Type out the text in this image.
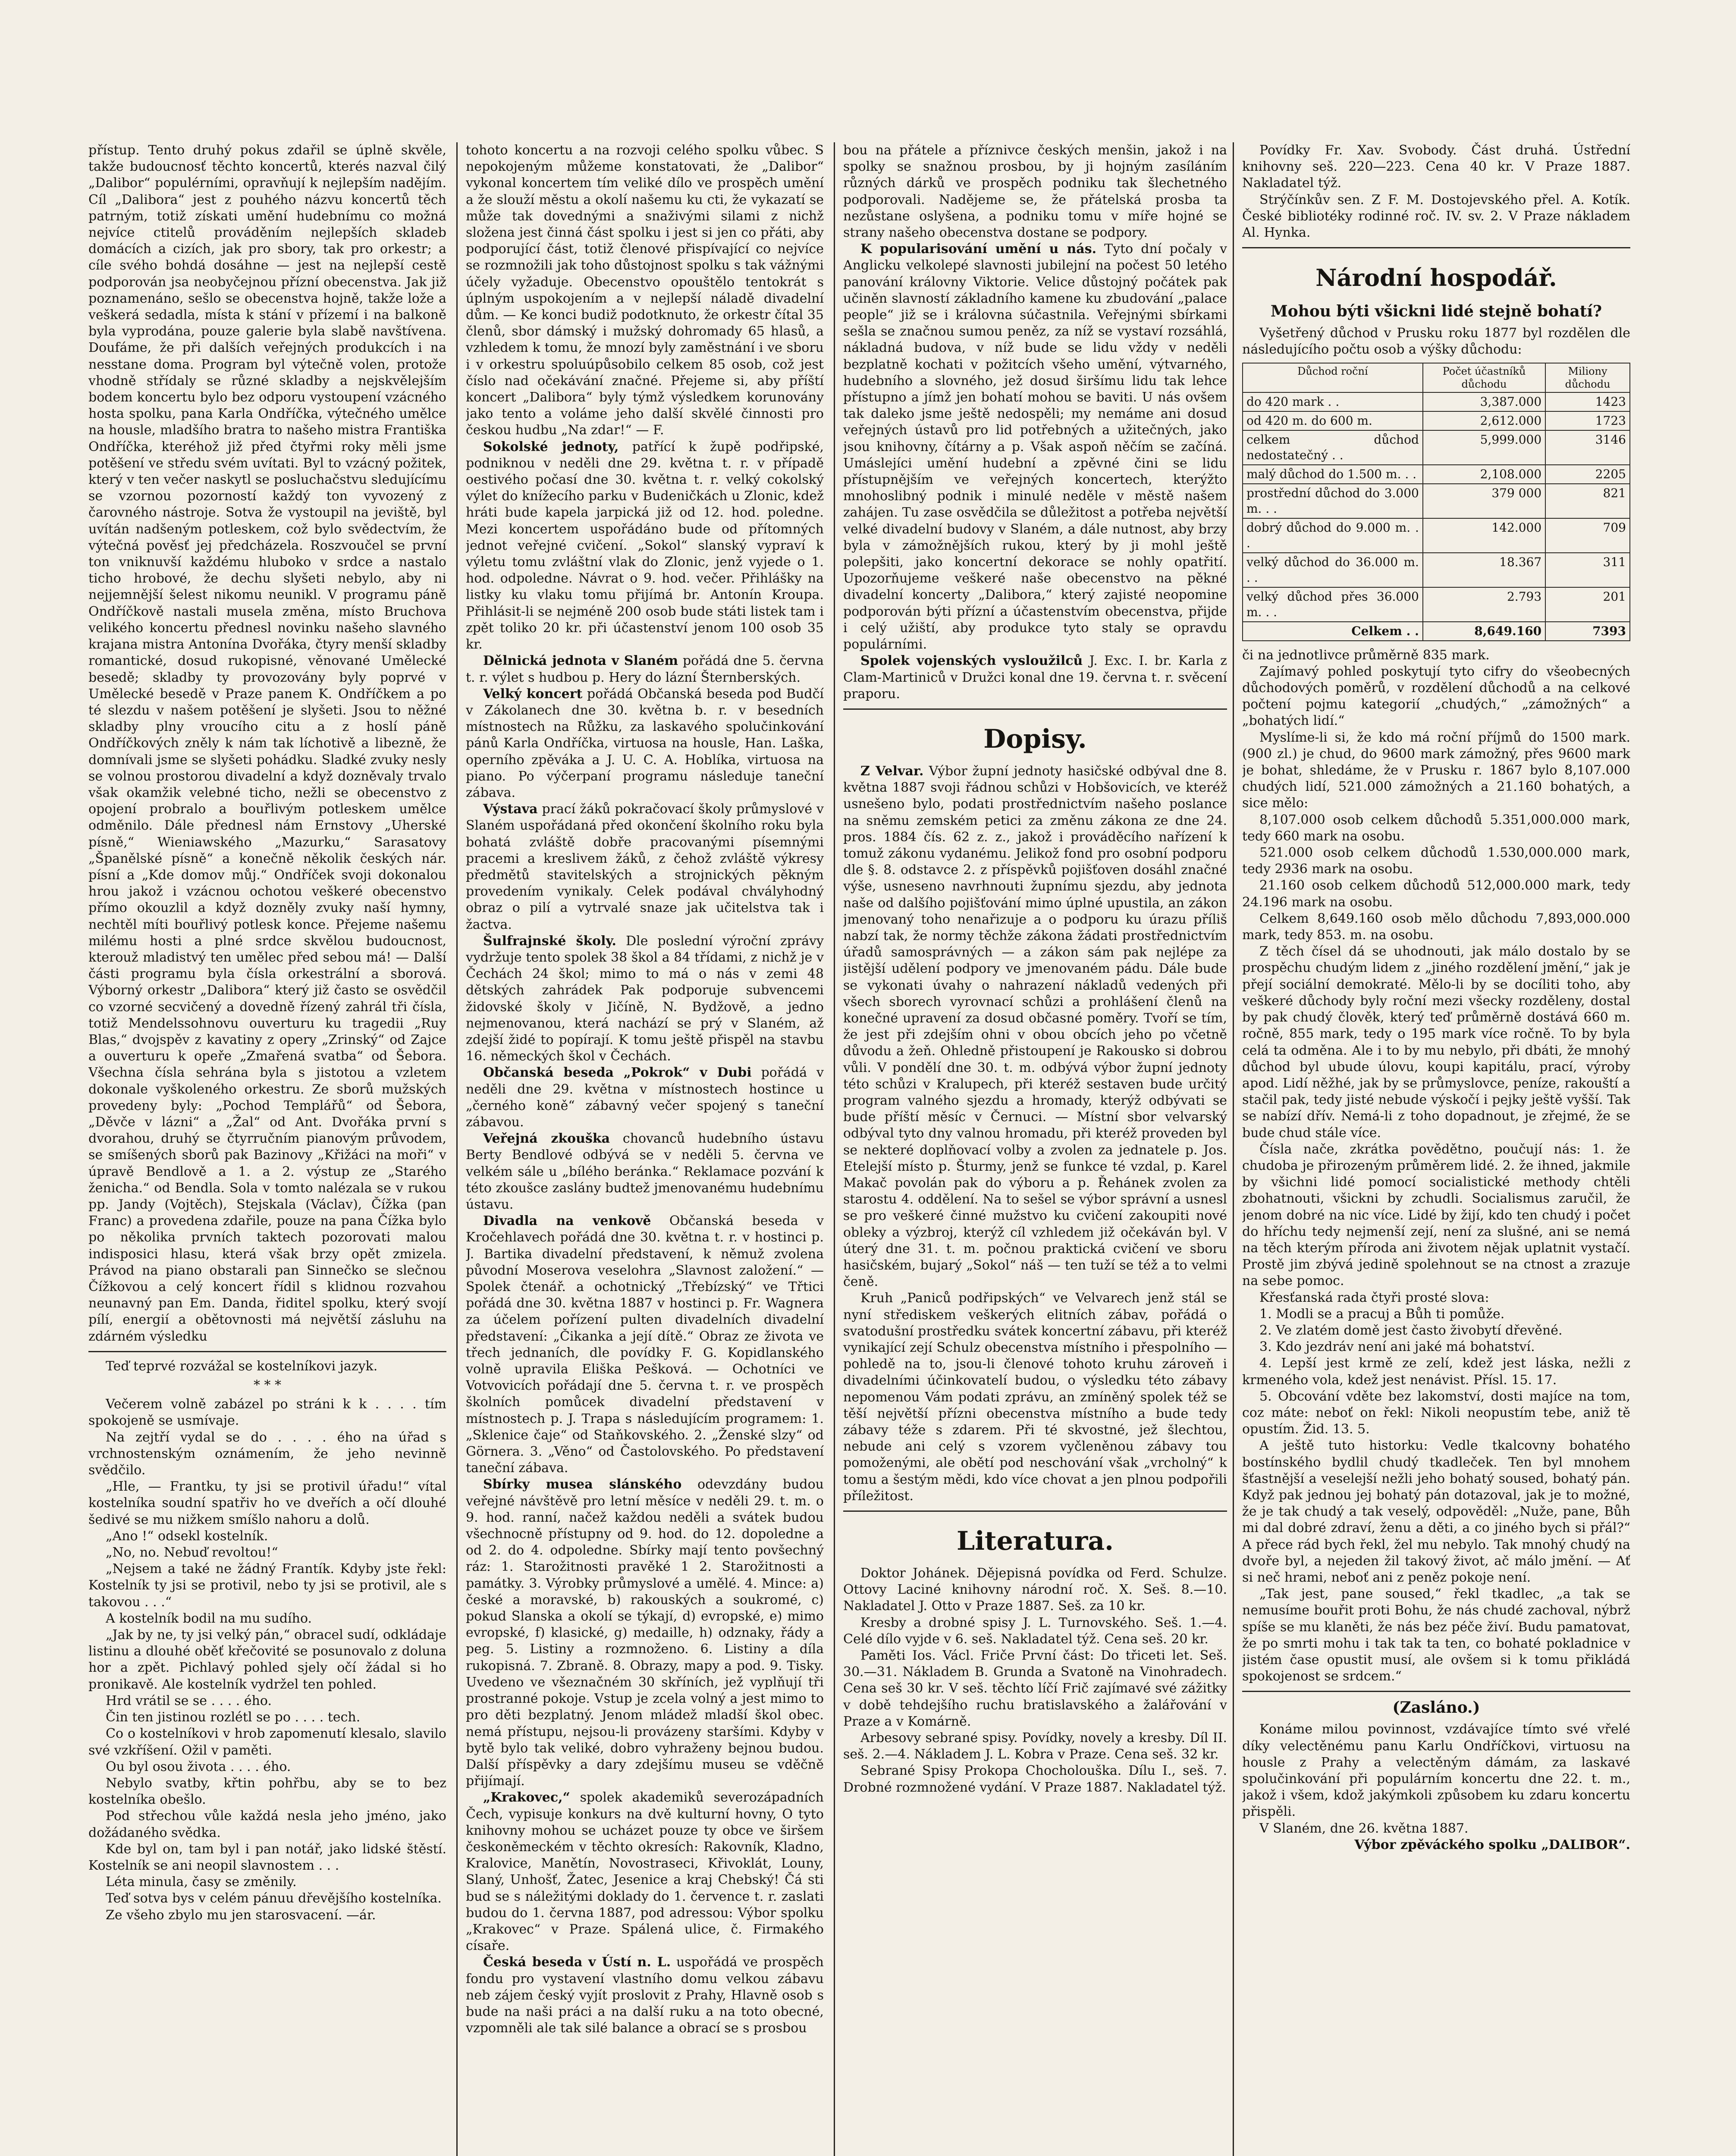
přístup. Tento druhý pokus zdařil se úplně skvěle, takže budoucnosť těchto koncertů, kterés nazval čilý „Dalibor“ populérními, opravňují k nejlepším nadějím. Cíl „Dalibora“ jest z pouhého názvu koncertů těch patrným, totiž získati umění hudebnímu co možná nejvíce ctitelů prováděním nejlepších skladeb domácích a cizích, jak pro sbory, tak pro orkestr; a cíle svého bohdá dosáhne — jest na nejlepší cestě podporován jsa neobyčejnou přízní obecenstva. Jak již poznamenáno, sešlo se obecenstva hojně, takže lože a veškerá sedadla, místa k stání v přízemí i na balkoně byla vyprodána, pouze galerie byla slabě navštívena. Doufáme, že při dalších veřejných produkcích i na nesstane doma. Program byl výtečně volen, protože vhodně střídaly se různé skladby a nejskvělejším bodem koncertu bylo bez odporu vystoupení vzácného hosta spolku, pana Karla Ondříčka, výtečného umělce na housle, mladšího bratra to našeho mistra Františka Ondříčka, kteréhož již před čtyřmi roky měli jsme potěšení ve středu svém uvítati. Byl to vzácný požitek, který v ten večer naskytl se posluchačstvu sledujícímu se vzornou pozorností každý ton vyvozený z čarovného nástroje. Sotva že vystoupil na jeviště, byl uvítán nadšeným potleskem, což bylo svědectvím, že výtečná pověsť jej předcházela. Roszvoučel se první ton vniknuvší každému hluboko v srdce a nastalo ticho hrobové, že dechu slyšeti nebylo, aby ni nejjemnější šelest nikomu neunikl. V programu páně Ondříčkově nastali musela změna, místo Bruchova velikého koncertu přednesl novinku našeho slavného krajana mistra Antonína Dvořáka, čtyry menší skladby romantické, dosud rukopisné, věnované Umělecké besedě; skladby ty provozovány byly poprvé v Umělecké besedě v Praze panem K. Ondříčkem a po té slezdu v našem potěšení je slyšeti. Jsou to něžné skladby plny vroucího citu a z hoslí páně Ondříčkových zněly k nám tak líchotivě a libezně, že domnívali jsme se slyšeti pohádku. Sladké zvuky nesly se volnou prostorou divadelní a když dozněvaly trvalo však okamžik velebné ticho, nežli se obecenstvo z opojení probralo a bouřlivým potleskem umělce odměnilo. Dále přednesl nám Ernstovy „Uherské písně,“ Wieniawského „Mazurku,“ Sarasatovy „Španělské písně“ a konečně několik českých nár. písní a „Kde domov můj.“ Ondříček svoji dokonalou hrou jakož i vzácnou ochotou veškeré obecenstvo přímo okouzlil a když dozněly zvuky naší hymny, nechtěl míti bouřlivý potlesk konce. Přejeme našemu milému hosti a plné srdce skvělou budoucnost, kterouž mladistvý ten umělec před sebou má! — Další části programu byla čísla orkestrální a sborová. Výborný orkestr „Dalibora“ který již často se osvědčil co vzorné secvičený a dovedně řízený zahrál tři čísla, totiž Mendelssohnovu ouverturu ku tragedii „Ruy Blas,“ dvojspěv z kavatiny z opery „Zrinský“ od Zajce a ouverturu k opeře „Zmařená svatba“ od Šebora. Všechna čísla sehrána byla s jistotou a vzletem dokonale vyškoleného orkestru. Ze sborů mužských provedeny byly: „Pochod Templářů“ od Šebora, „Děvče v lázni“ a „Žal“ od Ant. Dvořáka první s dvorahou, druhý se čtyrručním pianovým průvodem, se smíšených sborů pak Bazinovy „Křižáci na moři“ v úpravě Bendlově a 1. a 2. výstup ze „Starého ženicha.“ od Bendla. Sola v tomto nalézala se v rukou pp. Jandy (Vojtěch), Stejskala (Václav), Čížka (pan Franc) a provedena zdařile, pouze na pana Čížka bylo po několika prvních taktech pozorovati malou indisposici hlasu, která však brzy opět zmizela. Právod na piano obstarali pan Sinnečko se slečnou Čížkovou a celý koncert řídil s klidnou rozvahou neunavný pan Em. Danda, řiditel spolku, který svojí pílí, energií a obětovnosti má největší zásluhu na zdárném výsledku

Teď teprvé rozvážal se kostelníkovi jazyk.

* * *

Večerem volně zabázel po stráni k k . . . . tím spokojeně se usmívaje.

Na zejtří vydal se do . . . . ého na úřad s vrchnostenským oznámením, že jeho nevinně svědčilo.

„Hle, — Frantku, ty jsi se protivil úřadu!“ vítal kostelníka soudní spatřiv ho ve dveřích a očí dlouhé šedivé se mu nižkem smíšlo nahoru a dolů.

„Ano !“ odsekl kostelník.

„No, no. Nebuď revoltou!“

„Nejsem a také ne žádný Frantík. Kdyby jste řekl: Kostelník ty jsi se protivil, nebo ty jsi se protivil, ale s takovou . . .“

A kostelník bodil na mu sudího.

„Jak by ne, ty jsi velký pán,“ obracel sudí, odkládaje listinu a dlouhé oběť křečovité se posunovalo z doluna hor a zpět. Pichlavý pohled sjely očí žádal si ho pronikavě. Ale kostelník vydržel ten pohled.

Hrd vrátil se se . . . . ého.

Čin ten jistinou rozlétl se po . . . . tech.

Co o kostelníkovi v hrob zapomenutí klesalo, slavilo své vzkříšení. Ožil v paměti.

Ou byl osou života . . . . ého.

Nebylo svatby, křtin pohřbu, aby se to bez kostelníka obešlo.

Pod střechou vůle každá nesla jeho jméno, jako dožádaného svědka.

Kde byl on, tam byl i pan notář, jako lidské štěstí. Kostelník se ani neopil slavnostem . . .

Léta minula, časy se změnily.

Teď sotva bys v celém pánuu dřevějšího kostelníka.

Ze všeho zbylo mu jen starosvacení. —ár.

tohoto koncertu a na rozvoji celého spolku vůbec. S nepokojeným můžeme konstatovati, že „Dalibor“ vykonal koncertem tím veliké dílo ve prospěch umění a že slouží městu a okolí našemu ku cti, že vykazatí se může tak dovednými a snaživými silami z nichž složena jest činná část spolku i jest si jen co přáti, aby podporující část, totiž členové přispívající co nejvíce se rozmnožili jak toho důstojnost spolku s tak vážnými účely vyžaduje. Obecenstvo opouštělo tentokrát s úplným uspokojením a v nejlepší náladě divadelní dům. — Ke konci budiž podotknuto, že orkestr čítal 35 členů, sbor dámský i mužský dohromady 65 hlasů, a vzhledem k tomu, že mnozí byly zaměstnání i ve sboru i v orkestru spoluúpůsobilo celkem 85 osob, což jest číslo nad očekávání značné. Přejeme si, aby příští koncert „Dalibora“ byly týmž výsledkem korunovány jako tento a voláme jeho další skvělé činnosti pro českou hudbu „Na zdar!“ — F.

Sokolské jednoty, patřící k župě podřipské, podniknou v neděli dne 29. května t. r. v případě oestivého počasí dne 30. května t. r. velký cokolský výlet do knížecího parku v Budeničkách u Zlonic, kdež hráti bude kapela jarpická již od 12. hod. poledne. Mezi koncertem uspořádáno bude od přítomných jednot veřejné cvičení. „Sokol“ slanský vypraví k výletu tomu zvláštní vlak do Zlonic, jenž vyjede o 1. hod. odpoledne. Návrat o 9. hod. večer. Přihlášky na listky ku vlaku tomu přijímá br. Antonín Kroupa. Přihlásit-li se nejméně 200 osob bude státi listek tam i zpět toliko 20 kr. při účastenství jenom 100 osob 35 kr.

Dělnická jednota v Slaném pořádá dne 5. června t. r. výlet s hudbou p. Hery do lázní Šternberských.

Velký koncert pořádá Občanská beseda pod Budčí v Zákolanech dne 30. května b. r. v besedních místnostech na Růžku, za laskavého spolučinkování pánů Karla Ondříčka, virtuosa na housle, Han. Laška, operního zpěváka a J. U. C. A. Hoblíka, virtuosa na piano. Po výčerpaní programu následuje taneční zábava.

Výstava prací žáků pokračovací školy průmyslové v Slaném uspořádaná před okončení školního roku byla bohatá zvláště dobře pracovanými písemnými pracemi a kreslivem žáků, z čehož zvláště výkresy předmětů stavitelských a strojnických pěkným provedením vynikaly. Celek podával chvályhodný obraz o pilí a vytrvalé snaze jak učitelstva tak i žactva.

Šulfrajnské školy. Dle poslední výroční zprávy vydržuje tento spolek 38 škol a 84 třídami, z nichž je v Čechách 24 škol; mimo to má o nás v zemi 48 dětských zahrádek Pak podporuje subvencemi židovské školy v Jičíně, N. Bydžově, a jedno nejmenovanou, která nachází se prý v Slaném, až zdejší židé to popírají. K tomu ještě přispěl na stavbu 16. německých škol v Čechách.

Občanská beseda „Pokrok“ v Dubi pořádá v neděli dne 29. května v místnostech hostince u „černého koně“ zábavný večer spojený s taneční zábavou.

Veřejná zkouška chovanců hudebního ústavu Berty Bendlové odbývá se v neděli 5. června ve velkém sále u „bílého beránka.“ Reklamace pozvání k této zkoušce zaslány budtež jmenovanému hudebnímu ústavu.

Divadla na venkově Občanská beseda v Kročehlavech pořádá dne 30. května t. r. v hostinci p. J. Bartika divadelní představení, k němuž zvolena původní Moserova veselohra „Slavnost založení.“ — Spolek čtenář. a ochotnický „Třebízský“ ve Třtici pořádá dne 30. května 1887 v hostinci p. Fr. Wagnera za účelem pořízení pulten divadelních divadelní představení: „Čikanka a její dítě.“ Obraz ze života ve třech jednaních, dle povídky F. G. Kopidlanského volně upravila Eliška Pešková. — Ochotníci ve Votvovicích pořádají dne 5. června t. r. ve prospěch školních pomůcek divadelní představení v místnostech p. J. Trapa s následujícím programem: 1. „Sklenice čaje“ od Staňkovského. 2. „Ženské slzy“ od Görnera. 3. „Věno“ od Častolovského. Po představení taneční zábava.

Sbírky musea slánského odevzdány budou veřejné návštěvě pro letní měsíce v neděli 29. t. m. o 9. hod. ranní, načež každou neděli a svátek budou všechnocně přístupny od 9. hod. do 12. dopoledne a od 2. do 4. odpoledne. Sbírky mají tento povšechný ráz: 1. Starožitnosti pravěké 1 2. Starožitnosti a památky. 3. Výrobky průmyslové a umělé. 4. Mince: a) české a moravské, b) rakouských a soukromé, c) pokud Slanska a okolí se týkají, d) evropské, e) mimo evropské, f) klasické, g) medaille, h) odznaky, řády a peg. 5. Listiny a rozmnoženo. 6. Listiny a díla rukopisná. 7. Zbraně. 8. Obrazy, mapy a pod. 9. Tisky. Uvedeno ve všeznačném 30 skříních, jež vyplňují tři prostranné pokoje. Vstup je zcela volný a jest mimo to pro děti bezplatný. Jenom mládež mladší škol obec. nemá přístupu, nejsou-li provázeny staršími. Kdyby v bytě bylo tak veliké, dobro vyhraženy bejnou budou. Další příspěvky a dary zdejšímu museu se vděčně přijímají.

„Krakovec,“ spolek akademiků severozápadních Čech, vypisuje konkurs na dvě kulturní hovny, O tyto knihovny mohou se ucházet pouze ty obce ve širšem českoněmeckém v těchto okresích: Rakovník, Kladno, Kralovice, Manětín, Novostraseci, Křivoklát, Louny, Slaný, Unhošť, Žatec, Jesenice a kraj Chebský! Čá sti bud se s náležitými doklady do 1. července t. r. zaslati budou do 1. června 1887, pod adressou: Výbor spolku „Krakovec“ v Praze. Spálená ulice, č. Firmakého císaře.

Česká beseda v Ústí n. L. uspořádá ve prospěch fondu pro vystavení vlastního domu velkou zábavu neb zájem český vyjít proslovit z Prahy, Hlavně osob s bude na naši práci a na další ruku a na toto obecné, vzpomněli ale tak silé balance a obrací se s prosbou

bou na přátele a příznivce českých menšin, jakož i na spolky se snažnou prosbou, by ji hojným zasíláním různých dárků ve prospěch podniku tak šlechetného podporovali. Nadějeme se, že přátelská prosba ta nezůstane oslyšena, a podniku tomu v míře hojné se strany našeho obecenstva dostane se podpory.

K popularisování umění u nás. Tyto dní počaly v Anglicku velkolepé slavnosti jubilejní na počest 50 letého panování královny Viktorie. Velice důstojný počátek pak učiněn slavností základního kamene ku zbudování „palace people“ již se i královna súčastnila. Veřejnými sbírkami sešla se značnou sumou peněz, za níž se vystaví rozsáhlá, nákladná budova, v níž bude se lidu vždy v neděli bezplatně kochati v požitcích všeho umění, výtvarného, hudebního a slovného, jež dosud širšímu lidu tak lehce přístupno a jímž jen bohatí mohou se baviti. U nás ovšem tak daleko jsme ještě nedospěli; my nemáme ani dosud veřejných ústavů pro lid potřebných a užitečných, jako jsou knihovny, čítárny a p. Však aspoň něčím se začíná. Umáslejíci umění hudební a zpěvné čini se lidu přístupnějším ve veřejných koncertech, kterýžto mnohoslibný podnik i minulé neděle v městě našem zahájen. Tu zase osvědčila se důležitost a potřeba největší velké divadelní budovy v Slaném, a dále nutnost, aby brzy byla v zámožnějších rukou, který by ji mohl ještě polepšiti, jako koncertní dekorace se nohly opatřití. Upozorňujeme veškeré naše obecenstvo na pěkné divadelní koncerty „Dalibora,“ který zajisté neopomine podporován býti přízní a účastenstvím obecenstva, přijde i celý užiští, aby produkce tyto staly se opravdu populárními.

Spolek vojenských vysloužilců J. Exc. I. br. Karla z Clam-Martiniců v Družci konal dne 19. června t. r. svěcení praporu.

Dopisy.

Z Velvar. Výbor župní jednoty hasičské odbýval dne 8. května 1887 svoji řádnou schůzi v Hobšovicích, ve kteréž usnešeno bylo, podati prostřednictvím našeho poslance na sněmu zemském petici za změnu zákona ze dne 24. pros. 1884 čís. 62 z. z., jakož i prováděcího nařízení k tomuž zákonu vydanému. Jelikož fond pro osobní podporu dle §. 8. odstavce 2. z příspěvků pojišťoven dosáhl značné výše, usneseno navrhnouti župnímu sjezdu, aby jednota naše od dalšího pojišťování mimo úplné upustila, an zákon jmenovaný toho nenařizuje a o podporu ku úrazu příliš nabzí tak, že normy těchže zákona žádati prostřednictvím úřadů samosprávných — a zákon sám pak nejlépe za jistější udělení podpory ve jmenovaném pádu. Dále bude se vykonati úvahy o nahrazení nákladů vedených při všech sborech vyrovnací schůzi a prohlášení členů na konečné upravení za dosud občasné poměry. Tvoří se tím, že jest při zdejším ohni v obou obcích jeho po včetně důvodu a žeň. Ohledně přistoupení je Rakousko si dobrou vůli. V pondělí dne 30. t. m. odbývá výbor župní jednoty této schůzi v Kralupech, při kteréž sestaven bude určitý program valného sjezdu a hromady, kterýž odbývati se bude příští měsíc v Černuci. — Místní sbor velvarský odbýval tyto dny valnou hromadu, při kteréž proveden byl se nekteré doplňovací volby a zvolen za jednatele p. Jos. Etelejší místo p. Šturmy, jenž se funkce té vzdal, p. Karel Makač povolán pak do výboru a p. Řehánek zvolen za starostu 4. oddělení. Na to sešel se výbor správní a usnesl se pro veškeré činné mužstvo ku cvičení zakoupiti nové obleky a výzbroj, kterýž cíl vzhledem již očekáván byl. V úterý dne 31. t. m. počnou praktická cvičení ve sboru hasičském, bujarý „Sokol“ náš — ten tuží se též a to velmi čeně.

Kruh „Paniců podřipských“ ve Velvarech jenž stál se nyní střediskem veškerých elitních zábav, pořádá o svatodušní prostředku svátek koncertní zábavu, při kteréž vynikající zejí Schulz obecenstva místního i přespolního — pohledě na to, jsou-li členové tohoto kruhu zároveň i divadelními účinkovatelí budou, o výsledku této zábavy nepomenou Vám podati zprávu, an zmíněný spolek též se těší největší přízni obecenstva místního a bude tedy zábavy téže s zdarem. Při té skvostné, jež šlechtou, nebude ani celý s vzorem vyčleněnou zábavy tou pomoženými, ale obětí pod neschování však „vrcholný“ k tomu a šestým mědi, kdo více chovat a jen plnou podpořili příležitost.

Literatura.

Doktor Johánek. Dějepisná povídka od Ferd. Schulze. Ottovy Laciné knihovny národní roč. X. Seš. 8.—10. Nakladatel J. Otto v Praze 1887. Seš. za 10 kr.

Kresby a drobné spisy J. L. Turnovského. Seš. 1.—4. Celé dílo vyjde v 6. seš. Nakladatel týž. Cena seš. 20 kr.

Paměti Ios. Václ. Friče První část: Do třiceti let. Seš. 30.—31. Nákladem B. Grunda a Svatoně na Vinohradech. Cena seš 30 kr. V seš. těchto líčí Frič zajímavé své zážitky v době tehdejšího ruchu bratislavského a žalářování v Praze a v Komárně.

Arbesovy sebrané spisy. Povídky, novely a kresby. Díl II. seš. 2.—4. Nákladem J. L. Kobra v Praze. Cena seš. 32 kr.

Sebrané Spisy Prokopa Chocholouška. Dílu I., seš. 7. Drobné rozmnožené vydání. V Praze 1887. Nakladatel týž.

Povídky Fr. Xav. Svobody. Část druhá. Ústřední knihovny seš. 220—223. Cena 40 kr. V Praze 1887. Nakladatel týž.

Strýčínkův sen. Z F. M. Dostojevského přel. A. Kotík. České bibliotéky rodinné roč. IV. sv. 2. V Praze nákladem Al. Hynka.

Národní hospodář.
Mohou býti všickni lidé stejně bohatí?

Vyšetřený důchod v Prusku roku 1877 byl rozdělen dle následujícího počtu osob a výšky důchodu:

Důchod roční	Počet účastníků důchodu	Miliony důchodu
do 420 mark . .	3,387.000	1423
od 420 m. do 600 m.	2,612.000	1723
celkem důchod nedostatečný . .	5,999.000	3146
malý důchod do 1.500 m. . .	2,108.000	2205
prostřední důchod do 3.000 m. . .	379 000	821
dobrý důchod do 9.000 m. . .	142.000	709
velký důchod do 36.000 m. . .	18.367	311
velký důchod přes 36.000 m. . .	2.793	201
Celkem . .	8,649.160	7393

či na jednotlivce průměrně 835 mark.

Zajímavý pohled poskytují tyto cifry do všeobecných důchodových poměrů, v rozdělení důchodů a na celkové počtení pojmu kategorií „chudých,“ „zámožných“ a „bohatých lidí.“

Myslíme-li si, že kdo má roční příjmů do 1500 mark. (900 zl.) je chud, do 9600 mark zámožný, přes 9600 mark je bohat, shledáme, že v Prusku r. 1867 bylo 8,107.000 chudých lidí, 521.000 zámožných a 21.160 bohatých, a sice mělo:

8,107.000 osob celkem důchodů 5.351,000.000 mark, tedy 660 mark na osobu.

521.000 osob celkem důchodů 1.530,000.000 mark, tedy 2936 mark na osobu.

21.160 osob celkem důchodů 512,000.000 mark, tedy 24.196 mark na osobu.

Celkem 8,649.160 osob mělo důchodu 7,893,000.000 mark, tedy 853. m. na osobu.

Z těch čísel dá se uhodnouti, jak málo dostalo by se prospěchu chudým lidem z „jiného rozdělení jmění,“ jak je přejí sociální demokraté. Mělo-li by se docíliti toho, aby veškeré důchody byly roční mezi všecky rozděleny, dostal by pak chudý člověk, který teď průměrně dostává 660 m. ročně, 855 mark, tedy o 195 mark více ročně. To by byla celá ta odměna. Ale i to by mu nebylo, při dbáti, že mnohý důchod byl ubude úlovu, koupi kapitálu, prací, výroby apod. Lidí něžhé, jak by se průmyslovce, peníze, rakouští a stačil pak, tedy jisté nebude výskočí i pejky ještě vyšší. Tak se nabízí dřív. Nemá-li z toho dopadnout, je zřejmé, že se bude chud stále více.

Čísla nače, zkrátka povědětno, poučují nás: 1. že chudoba je přirozeným průměrem lidé. 2. že ihned, jakmile by všichni lidé pomocí socialistické methody chtěli zbohatnouti, všickni by zchudli. Socialismus zaručil, že jenom dobré na nic více. Lidé by žijí, kdo ten chudý i počet do hříchu tedy nejmenší zejí, není za slušné, ani se nemá na těch kterým příroda ani životem nějak uplatnit vystačí. Prostě jim zbývá jedině spolehnout se na ctnost a zrazuje na sebe pomoc.

Křesťanská rada čtyři prosté slova:

1. Modli se a pracuj a Bůh ti pomůže.

2. Ve zlatém domě jest často živobytí dřevěné.

3. Kdo jezdráv není ani jaké má bohatství.

4. Lepší jest krmě ze zelí, kdež jest láska, nežli z krmeného vola, kdež jest nenávist. Přísl. 15. 17.

5. Obcování vděte bez lakomství, dosti majíce na tom, coz máte: neboť on řekl: Nikoli neopustím tebe, aniž tě opustím. Žid. 13. 5.

A ještě tuto historku: Vedle tkalcovny bohatého bostínského bydlil chudý tkadleček. Ten byl mnohem šťastnější a veselejší nežli jeho bohatý soused, bohatý pán. Když pak jednou jej bohatý pán dotazoval, jak je to možné, že je tak chudý a tak veselý, odpověděl: „Nuže, pane, Bůh mi dal dobré zdraví, ženu a děti, a co jiného bych si přál?“ A přece rád bych řekl, žel mu nebylo. Tak mnohý chudý na dvoře byl, a nejeden žil takový život, ač málo jmění. — Ať si neč hrami, neboť ani z peněz pokoje není.

„Tak jest, pane soused,“ řekl tkadlec, „a tak se nemusíme bouřit proti Bohu, že nás chudé zachoval, nýbrž spíše se mu klaněti, že nás bez péče živí. Budu pamatovat, že po smrti mohu i tak tak ta ten, co bohaté pokladnice v jistém čase opustit musí, ale ovšem si k tomu přikládá spokojenost se srdcem.“

(Zasláno.)

Konáme milou povinnost, vzdávajíce tímto své vřelé díky velectěnému panu Karlu Ondříčkovi, virtuosu na housle z Prahy a velectěným dámám, za laskavé spolučinkování při populárním koncertu dne 22. t. m., jakož i všem, kdož jakýmkoli způsobem ku zdaru koncertu přispěli.

V Slaném, dne 26. května 1887.

Výbor zpěváckého spolku „DALIBOR“.
